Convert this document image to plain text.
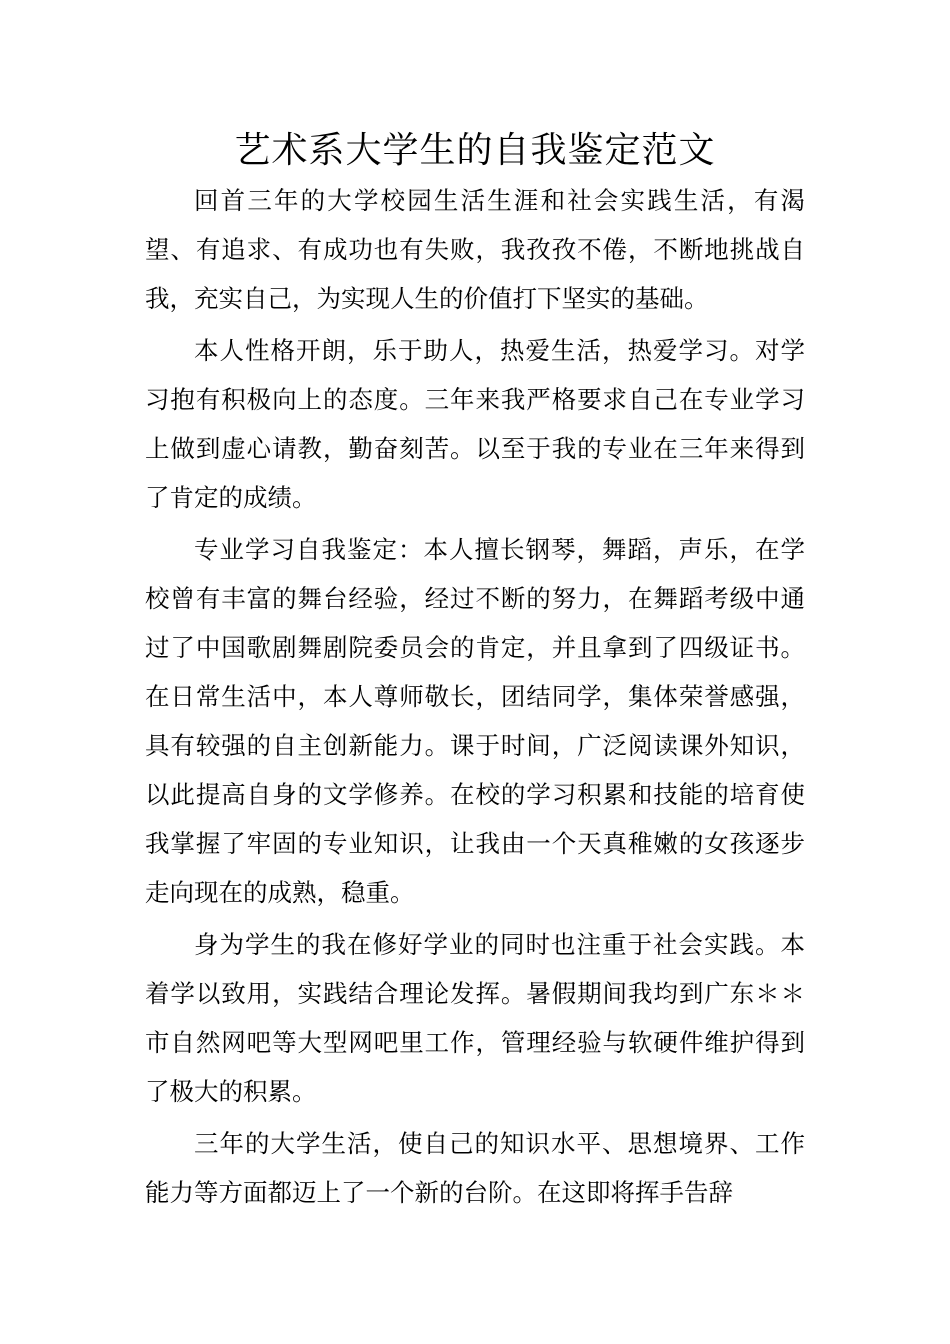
艺术系大学生的自我鉴定范文

回首三年的大学校园生活生涯和社会实践生活，有渴望、有追求、有成功也有失败，我孜孜不倦，不断地挑战自我，充实自己，为实现人生的价值打下坚实的基础。

本人性格开朗，乐于助人，热爱生活，热爱学习。对学习抱有积极向上的态度。三年来我严格要求自己在专业学习上做到虚心请教，勤奋刻苦。以至于我的专业在三年来得到了肯定的成绩。

专业学习自我鉴定：本人擅长钢琴，舞蹈，声乐，在学校曾有丰富的舞台经验，经过不断的努力，在舞蹈考级中通过了中国歌剧舞剧院委员会的肯定，并且拿到了四级证书。在日常生活中，本人尊师敬长，团结同学，集体荣誉感强，具有较强的自主创新能力。课于时间，广泛阅读课外知识，以此提高自身的文学修养。在校的学习积累和技能的培育使我掌握了牢固的专业知识，让我由一个天真稚嫩的女孩逐步走向现在的成熟，稳重。

身为学生的我在修好学业的同时也注重于社会实践。本着学以致用，实践结合理论发挥。暑假期间我均到广东＊＊市自然网吧等大型网吧里工作，管理经验与软硬件维护得到了极大的积累。

三年的大学生活，使自己的知识水平、思想境界、工作能力等方面都迈上了一个新的台阶。在这即将挥手告辞
